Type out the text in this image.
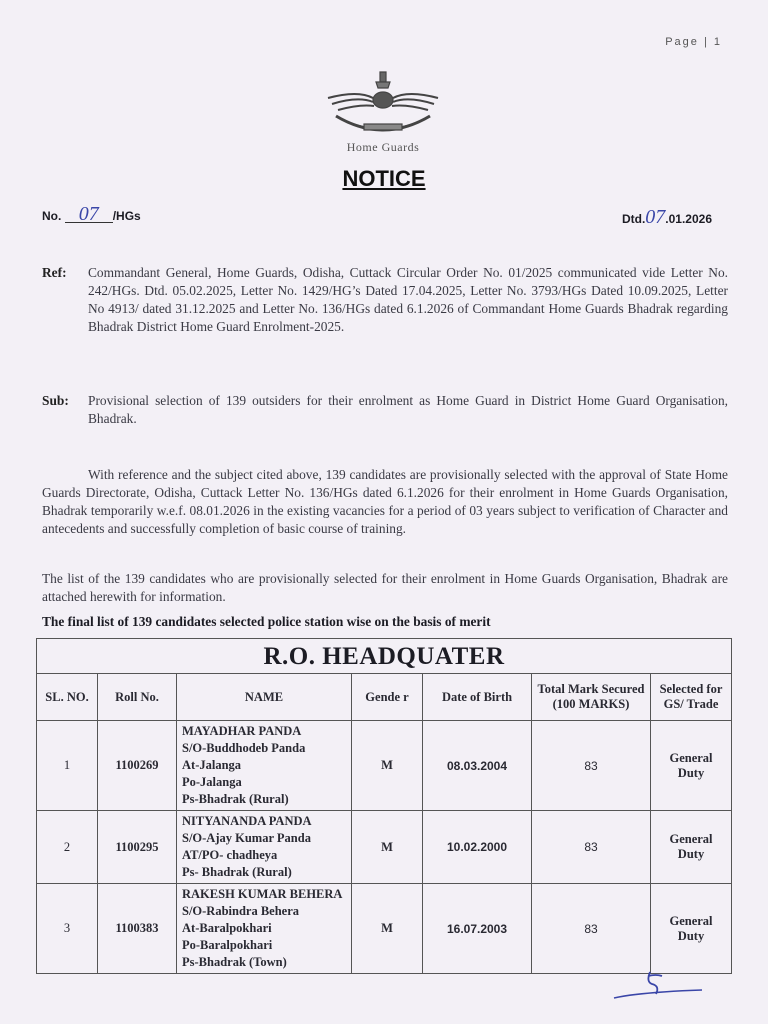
Page | 1
Home Guards
NOTICE
No. 07 /HGs	Dtd.07.01.2026
Ref:	Commandant General, Home Guards, Odisha, Cuttack Circular Order No. 01/2025 communicated vide Letter No. 242/HGs. Dtd. 05.02.2025, Letter No. 1429/HG’s Dated 17.04.2025, Letter No. 3793/HGs Dated 10.09.2025, Letter No 4913/ dated 31.12.2025 and Letter No. 136/HGs dated 6.1.2026 of Commandant Home Guards Bhadrak regarding Bhadrak District Home Guard Enrolment-2025.
Sub:	Provisional selection of 139 outsiders for their enrolment as Home Guard in District Home Guard Organisation, Bhadrak.
With reference and the subject cited above, 139 candidates are provisionally selected with the approval of State Home Guards Directorate, Odisha, Cuttack Letter No. 136/HGs dated 6.1.2026 for their enrolment in Home Guards Organisation, Bhadrak temporarily w.e.f. 08.01.2026 in the existing vacancies for a period of 03 years subject to verification of Character and antecedents and successfully completion of basic course of training.
The list of the 139 candidates who are provisionally selected for their enrolment in Home Guards Organisation, Bhadrak are attached herewith for information.
The final list of 139 candidates selected police station wise on the basis of merit
R.O. HEADQUATER						
SL. NO.	Roll No.	NAME	Gende r	Date of Birth	Total Mark Secured (100 MARKS)	Selected for GS/ Trade
1	1100269	MAYADHAR PANDA
S/O-Buddhodeb Panda
At-Jalanga
Po-Jalanga
Ps-Bhadrak (Rural)	M	08.03.2004	83	General Duty
2	1100295	NITYANANDA PANDA
S/O-Ajay Kumar Panda
AT/PO- chadheya
Ps- Bhadrak (Rural)	M	10.02.2000	83	General Duty
3	1100383	RAKESH KUMAR BEHERA
S/O-Rabindra Behera
At-Baralpokhari
Po-Baralpokhari
Ps-Bhadrak (Town)	M	16.07.2003	83	General Duty
